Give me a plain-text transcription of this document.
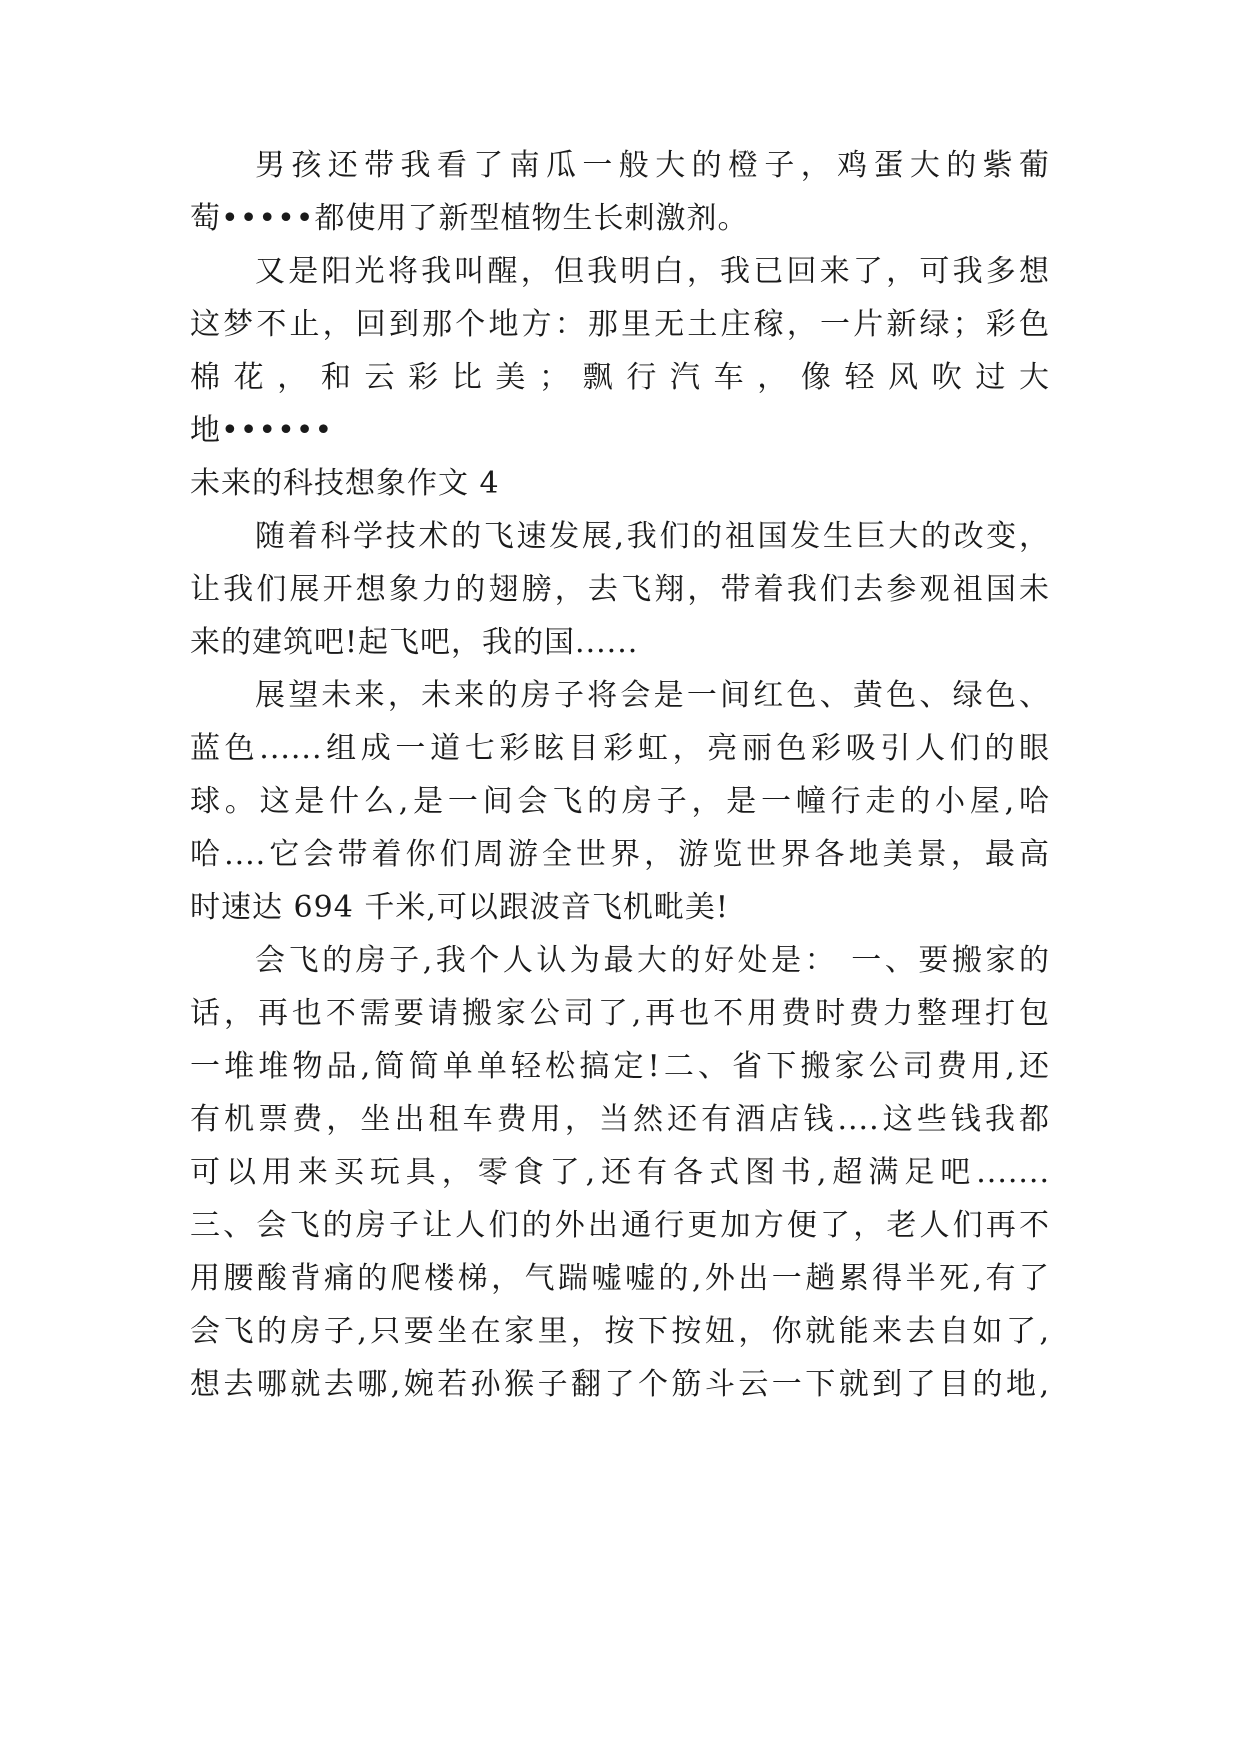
男孩还带我看了南瓜一般大的橙子，鸡蛋大的紫葡
萄•••••都使用了新型植物生长刺激剂。
又是阳光将我叫醒，但我明白，我已回来了，可我多想
这梦不止，回到那个地方：那里无土庄稼，一片新绿；彩色
棉花，和云彩比美；飘行汽车，像轻风吹过大
地••••••
未来的科技想象作文 4
随着科学技术的飞速发展,我们的祖国发生巨大的改变，
让我们展开想象力的翅膀，去飞翔，带着我们去参观祖国未
来的建筑吧!起飞吧，我的国......
展望未来，未来的房子将会是一间红色、黄色、绿色、
蓝色......组成一道七彩眩目彩虹，亮丽色彩吸引人们的眼
球。这是什么,是一间会飞的房子，是一幢行走的小屋,哈
哈....它会带着你们周游全世界，游览世界各地美景，最高
时速达 694 千米,可以跟波音飞机毗美!
会飞的房子,我个人认为最大的好处是： 一、要搬家的
话，再也不需要请搬家公司了,再也不用费时费力整理打包
一堆堆物品,简简单单轻松搞定!二、省下搬家公司费用,还
有机票费，坐出租车费用，当然还有酒店钱....这些钱我都
可以用来买玩具，零食了,还有各式图书,超满足吧.......
三、会飞的房子让人们的外出通行更加方便了，老人们再不
用腰酸背痛的爬楼梯，气踹嘘嘘的,外出一趟累得半死,有了
会飞的房子,只要坐在家里，按下按妞，你就能来去自如了,
想去哪就去哪,婉若孙猴子翻了个筋斗云一下就到了目的地,
